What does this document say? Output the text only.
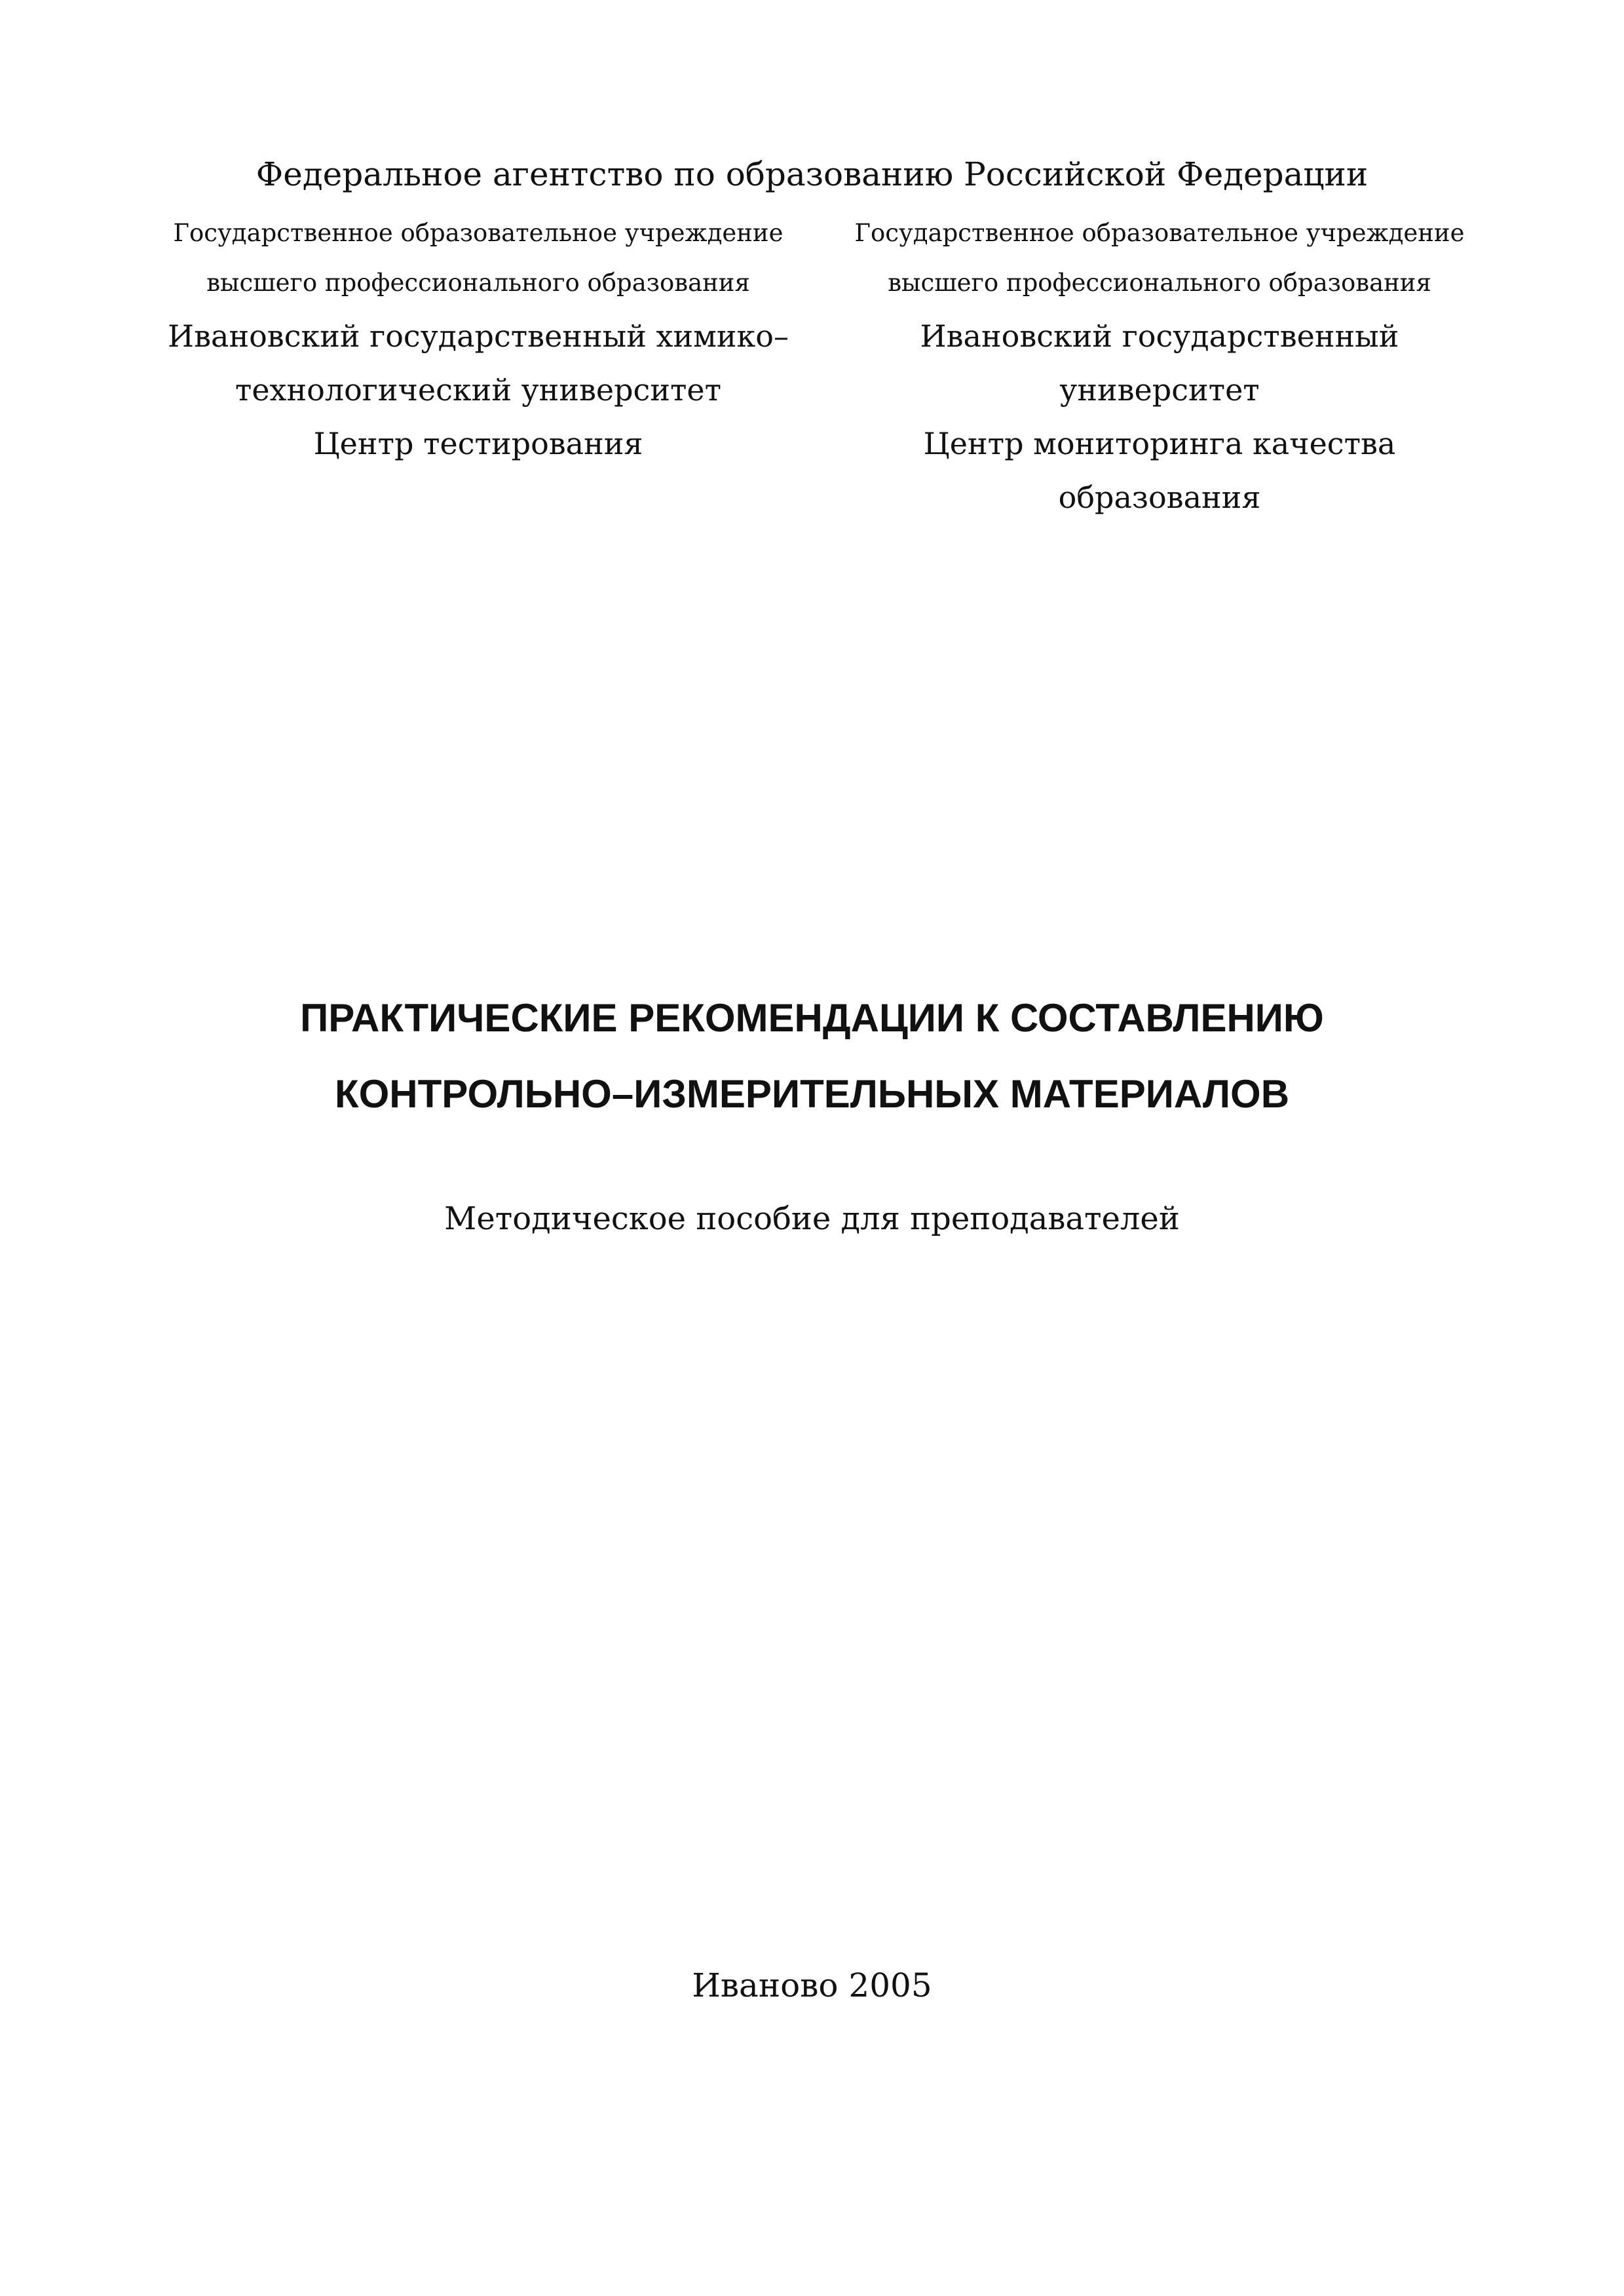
Федеральное агентство по образованию Российской Федерации
Государственное образовательное учреждение
высшего профессионального образования
Ивановский государственный химико–
технологический университет
Центр тестирования
Государственное образовательное учреждение
высшего профессионального образования
Ивановский государственный
университет
Центр мониторинга качества
образования
ПРАКТИЧЕСКИЕ РЕКОМЕНДАЦИИ К СОСТАВЛЕНИЮ
КОНТРОЛЬНО–ИЗМЕРИТЕЛЬНЫХ МАТЕРИАЛОВ
Методическое пособие для преподавателей
Иваново 2005
